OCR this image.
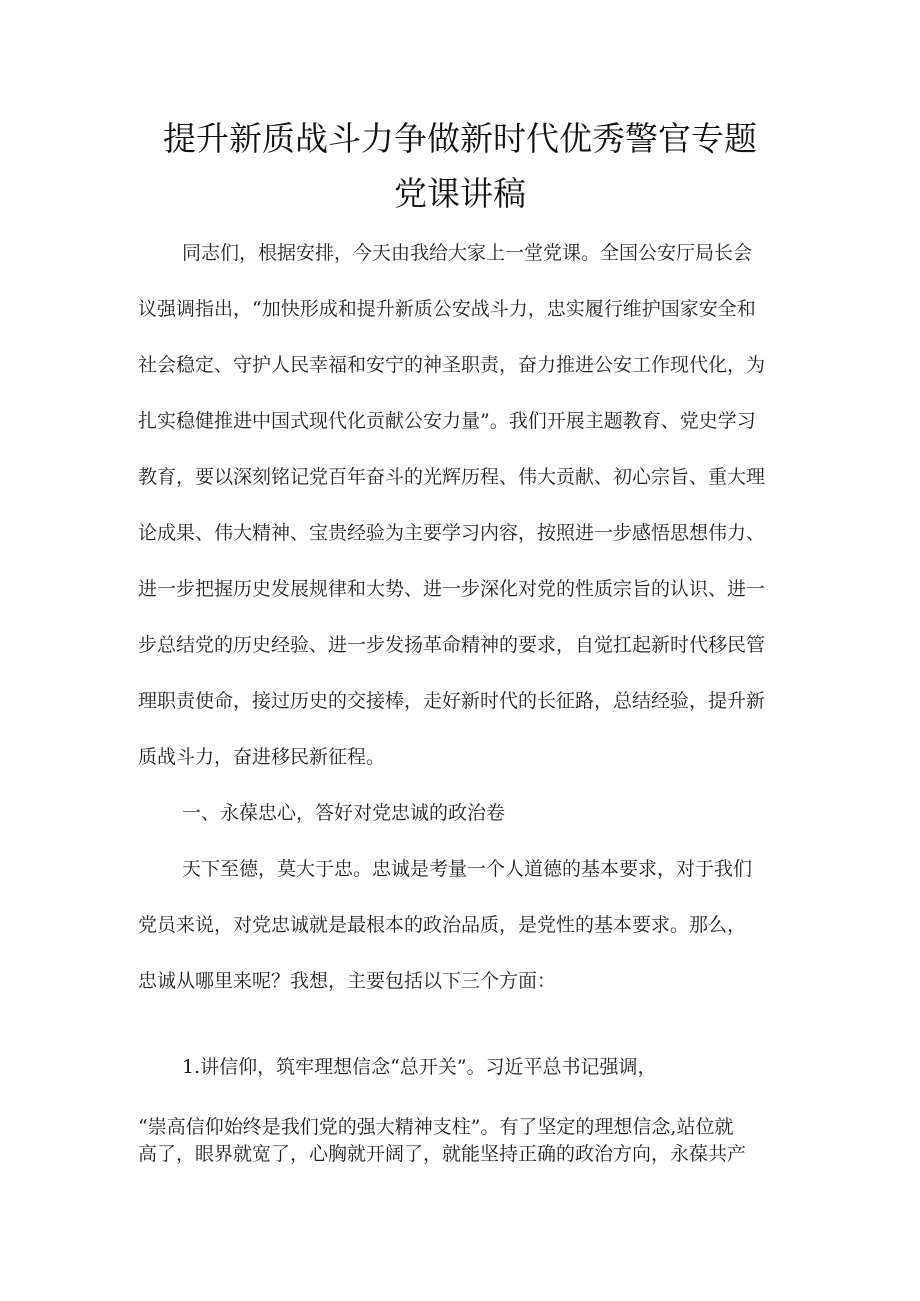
提升新质战斗力争做新时代优秀警官专题
党课讲稿
同志们，根据安排，今天由我给大家上一堂党课。全国公安厅局长会
议强调指出，“加快形成和提升新质公安战斗力，忠实履行维护国家安全和
社会稳定、守护人民幸福和安宁的神圣职责，奋力推进公安工作现代化，为
扎实稳健推进中国式现代化贡献公安力量”。我们开展主题教育、党史学习
教育，要以深刻铭记党百年奋斗的光辉历程、伟大贡献、初心宗旨、重大理
论成果、伟大精神、宝贵经验为主要学习内容，按照进一步感悟思想伟力、
进一步把握历史发展规律和大势、进一步深化对党的性质宗旨的认识、进一
步总结党的历史经验、进一步发扬革命精神的要求，自觉扛起新时代移民管
理职责使命，接过历史的交接棒，走好新时代的长征路，总结经验，提升新
质战斗力，奋进移民新征程。
一、永葆忠心，答好对党忠诚的政治卷
天下至德，莫大于忠。忠诚是考量一个人道德的基本要求，对于我们
党员来说，对党忠诚就是最根本的政治品质，是党性的基本要求。那么，
忠诚从哪里来呢？我想，主要包括以下三个方面：
1.讲信仰，筑牢理想信念“总开关”。习近平总书记强调，
“崇高信仰始终是我们党的强大精神支柱”。有了坚定的理想信念,站位就
高了，眼界就宽了，心胸就开阔了，就能坚持正确的政治方向，永葆共产
